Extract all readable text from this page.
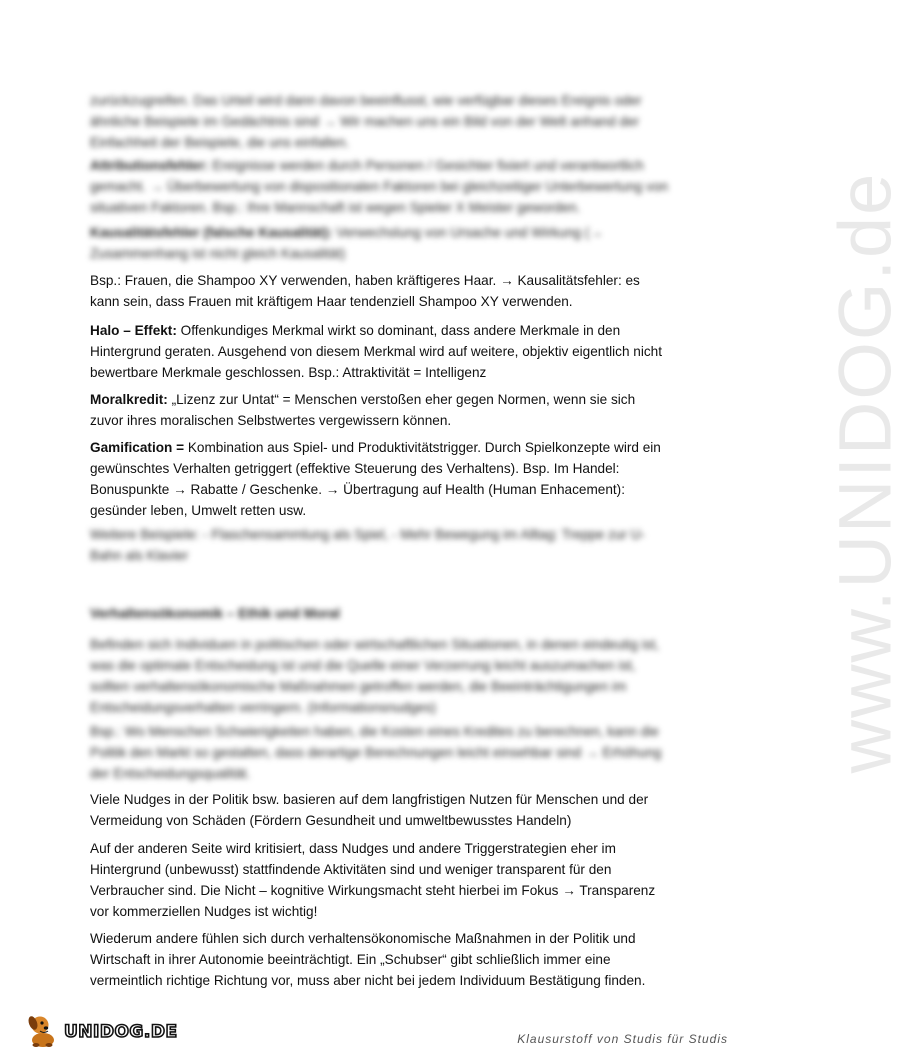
www.UNIDOG.de

zurückzugreifen. Das Urteil wird dann davon beeinflusst, wie verfügbar dieses Ereignis oder ähnliche Beispiele im Gedächtnis sind → Wir machen uns ein Bild von der Welt anhand der Einfachheit der Beispiele, die uns einfallen.

Attributionsfehler: Ereignisse werden durch Personen / Gesichter fixiert und verantwortlich gemacht. → Überbewertung von dispositionalen Faktoren bei gleichzeitiger Unterbewertung von situativen Faktoren. Bsp.: Ihre Mannschaft ist wegen Spieler X Meister geworden.

Kausalitätsfehler (falsche Kausalität): Verwechslung von Ursache und Wirkung (→ Zusammenhang ist nicht gleich Kausalität)

Bsp.: Frauen, die Shampoo XY verwenden, haben kräftigeres Haar. → Kausalitätsfehler: es kann sein, dass Frauen mit kräftigem Haar tendenziell Shampoo XY verwenden.

Halo – Effekt: Offenkundiges Merkmal wirkt so dominant, dass andere Merkmale in den Hintergrund geraten. Ausgehend von diesem Merkmal wird auf weitere, objektiv eigentlich nicht bewertbare Merkmale geschlossen. Bsp.: Attraktivität = Intelligenz

Moralkredit: „Lizenz zur Untat“ = Menschen verstoßen eher gegen Normen, wenn sie sich zuvor ihres moralischen Selbstwertes vergewissern können.

Gamification = Kombination aus Spiel- und Produktivitätstrigger. Durch Spielkonzepte wird ein gewünschtes Verhalten getriggert (effektive Steuerung des Verhaltens). Bsp. Im Handel: Bonuspunkte → Rabatte / Geschenke. → Übertragung auf Health (Human Enhacement): gesünder leben, Umwelt retten usw.

Weitere Beispiele: - Flaschensammlung als Spiel, - Mehr Bewegung im Alltag: Treppe zur U-Bahn als Klavier

Verhaltensökonomik – Ethik und Moral

Befinden sich Individuen in politischen oder wirtschaftlichen Situationen, in denen eindeutig ist, was die optimale Entscheidung ist und die Quelle einer Verzerrung leicht auszumachen ist, sollten verhaltensökonomische Maßnahmen getroffen werden, die Beeinträchtigungen im Entscheidungsverhalten verringern. (Informationsnudges)

Bsp.: Wo Menschen Schwierigkeiten haben, die Kosten eines Kredites zu berechnen, kann die Politik den Markt so gestalten, dass derartige Berechnungen leicht einsehbar sind → Erhöhung der Entscheidungsqualität.

Viele Nudges in der Politik bsw. basieren auf dem langfristigen Nutzen für Menschen und der Vermeidung von Schäden (Fördern Gesundheit und umweltbewusstes Handeln)

Auf der anderen Seite wird kritisiert, dass Nudges und andere Triggerstrategien eher im Hintergrund (unbewusst) stattfindende Aktivitäten sind und weniger transparent für den Verbraucher sind. Die Nicht – kognitive Wirkungsmacht steht hierbei im Fokus → Transparenz vor kommerziellen Nudges ist wichtig!

Wiederum andere fühlen sich durch verhaltensökonomische Maßnahmen in der Politik und Wirtschaft in ihrer Autonomie beeinträchtigt. Ein „Schubser“ gibt schließlich immer eine vermeintlich richtige Richtung vor, muss aber nicht bei jedem Individuum Bestätigung finden.

UNIDOG.DE	Klausurstoff von Studis für Studis
